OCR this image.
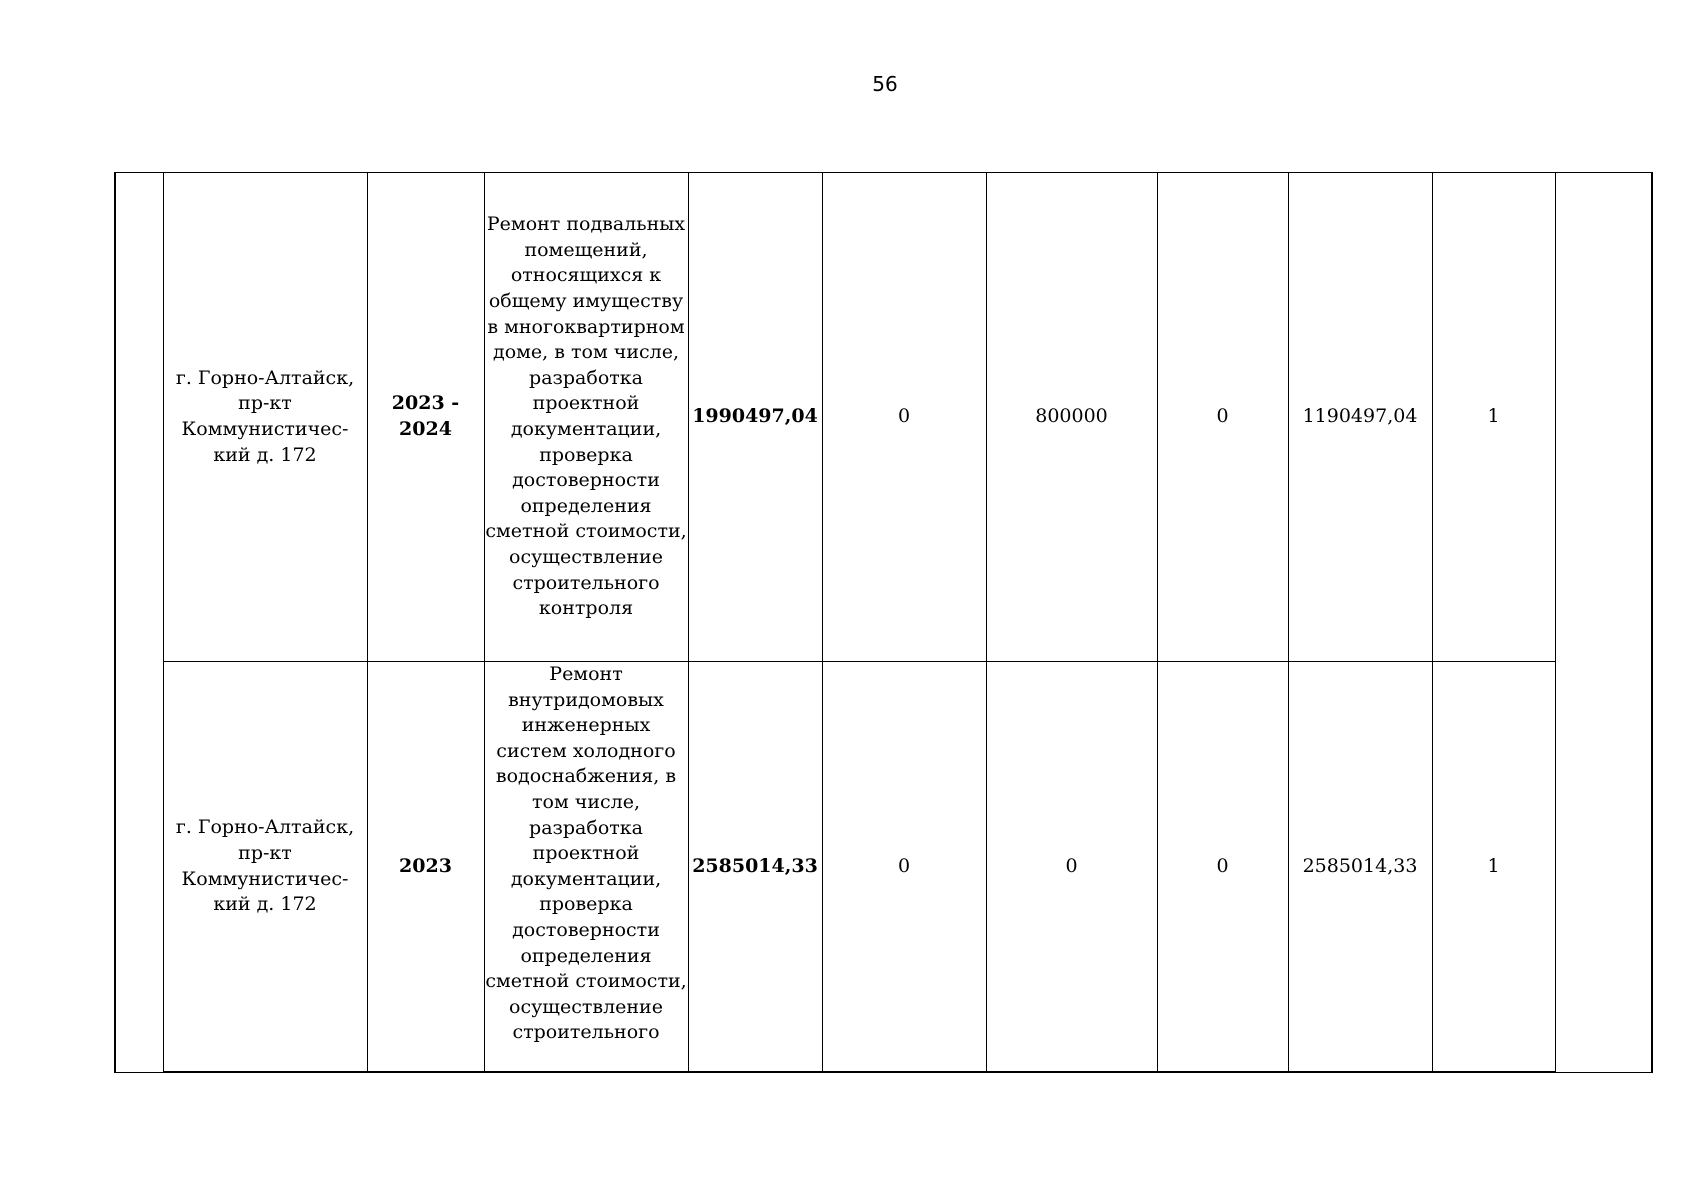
56

	г. Горно-Алтайск, пр-кт Коммунистичес-кий д. 172	2023 - 2024	Ремонт подвальных помещений, относящихся к общему имуществу в многоквартирном доме, в том числе, разработка проектной документации, проверка достоверности определения сметной стоимости, осуществление строительного контроля	1990497,04	0	800000	0	1190497,04	1	

	г. Горно-Алтайск, пр-кт Коммунистичес-кий д. 172	2023	Ремонт внутридомовых инженерных систем холодного водоснабжения, в том числе, разработка проектной документации, проверка достоверности определения сметной стоимости, осуществление строительного	2585014,33	0	0	0	2585014,33	1	
